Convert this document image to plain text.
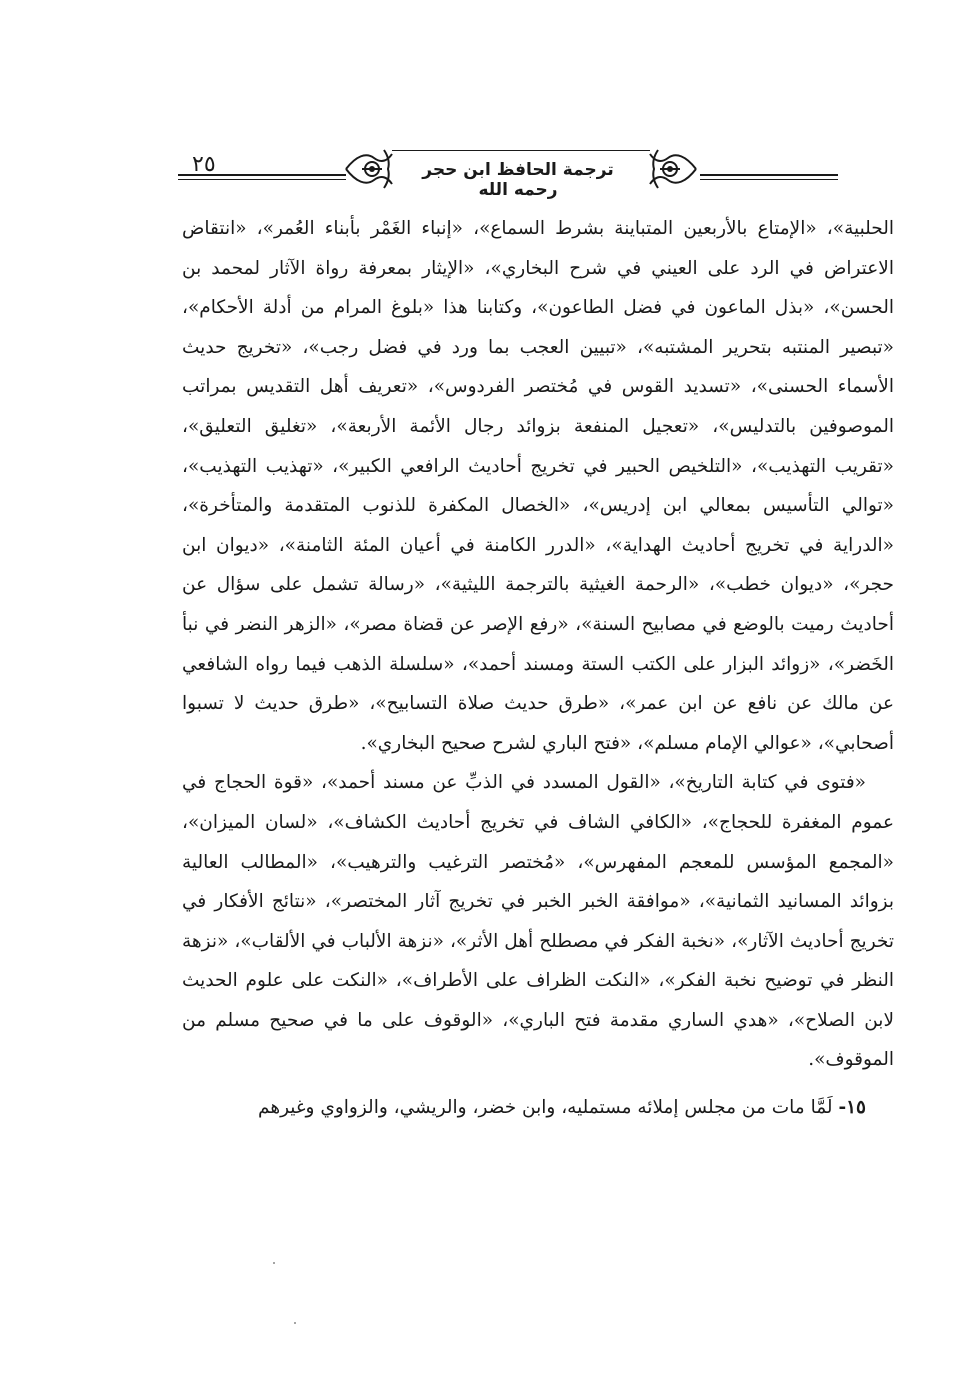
٢٥	ترجمة الحافظ ابن حجر رحمه الله

الحلبية»، «الإمتاع بالأربعين المتباينة بشرط السماع»، «إنباء الغَمْر بأبناء العُمر»، «انتقاض الاعتراض في الرد على العيني في شرح البخاري»، «الإيثار بمعرفة رواة الآثار لمحمد بن الحسن»، «بذل الماعون في فضل الطاعون»، وكتابنا هذا «بلوغ المرام من أدلة الأحكام»، «تبصير المنتبه بتحرير المشتبه»، «تبيين العجب بما ورد في فضل رجب»، «تخريج حديث الأسماء الحسنى»، «تسديد القوس في مُختصر الفردوس»، «تعريف أهل التقديس بمراتب الموصوفين بالتدليس»، «تعجيل المنفعة بزوائد رجال الأئمة الأربعة»، «تغليق التعليق»، «تقريب التهذيب»، «التلخيص الحبير في تخريج أحاديث الرافعي الكبير»، «تهذيب التهذيب»، «توالي التأسيس بمعالي ابن إدريس»، «الخصال المكفرة للذنوب المتقدمة والمتأخرة»، «الدراية في تخريج أحاديث الهداية»، «الدرر الكامنة في أعيان المئة الثامنة»، «ديوان ابن حجر»، «ديوان خطب»، «الرحمة الغيثية بالترجمة الليثية»، «رسالة تشمل على سؤال عن أحاديث رميت بالوضع في مصابيح السنة»، «رفع الإصر عن قضاة مصر»، «الزهر النضر في نبأ الخَضر»، «زوائد البزار على الكتب الستة ومسند أحمد»، «سلسلة الذهب فيما رواه الشافعي عن مالك عن نافع عن ابن عمر»، «طرق حديث صلاة التسابيح»، «طرق حديث لا تسبوا أصحابي»، «عوالي الإمام مسلم»، «فتح الباري لشرح صحيح البخاري».

«فتوى في كتابة التاريخ»، «القول المسدد في الذبِّ عن مسند أحمد»، «قوة الحجاج في عموم المغفرة للحجاج»، «الكافي الشاف في تخريج أحاديث الكشاف»، «لسان الميزان»، «المجمع المؤسس للمعجم المفهرس»، «مُختصر الترغيب والترهيب»، «المطالب العالية بزوائد المسانيد الثمانية»، «موافقة الخبر الخبر في تخريج آثار المختصر»، «نتائج الأفكار في تخريج أحاديث الآثار»، «نخبة الفكر في مصطلح أهل الأثر»، «نزهة الألباب في الألقاب»، «نزهة النظر في توضيح نخبة الفكر»، «النكت الظراف على الأطراف»، «النكت على علوم الحديث لابن الصلاح»، «هدي الساري مقدمة فتح الباري»، «الوقوف على ما في صحيح مسلم من الموقوف».

١٥- لَمَّا مات من مجلس إملائه مستمليه، وابن خضر، والريشي، والزواوي وغيرهم
